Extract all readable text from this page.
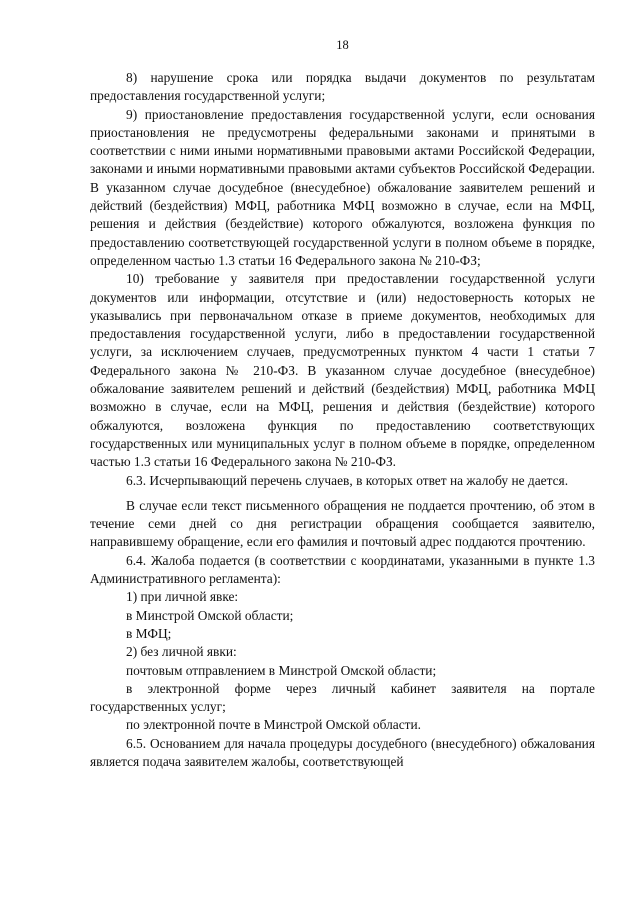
18

8) нарушение срока или порядка выдачи документов по результатам предоставления государственной услуги;

9) приостановление предоставления государственной услуги, если основания приостановления не предусмотрены федеральными законами и принятыми в соответствии с ними иными нормативными правовыми актами Российской Федерации, законами и иными нормативными правовыми актами субъектов Российской Федерации. В указанном случае досудебное (внесудебное) обжалование заявителем решений и действий (бездействия) МФЦ, работника МФЦ возможно в случае, если на МФЦ, решения и действия (бездействие) которого обжалуются, возложена функция по предоставлению соответствующей государственной услуги в полном объеме в порядке, определенном частью 1.3 статьи 16 Федерального закона № 210-ФЗ;

10) требование у заявителя при предоставлении государственной услуги документов или информации, отсутствие и (или) недостоверность которых не указывались при первоначальном отказе в приеме документов, необходимых для предоставления государственной услуги, либо в предоставлении государственной услуги, за исключением случаев, предусмотренных пунктом 4 части 1 статьи 7 Федерального закона № 210-ФЗ. В указанном случае досудебное (внесудебное) обжалование заявителем решений и действий (бездействия) МФЦ, работника МФЦ возможно в случае, если на МФЦ, решения и действия (бездействие) которого обжалуются, возложена функция по предоставлению соответствующих государственных или муниципальных услуг в полном объеме в порядке, определенном частью 1.3 статьи 16 Федерального закона № 210-ФЗ.

6.3. Исчерпывающий перечень случаев, в которых ответ на жалобу не дается.

В случае если текст письменного обращения не поддается прочтению, об этом в течение семи дней со дня регистрации обращения сообщается заявителю, направившему обращение, если его фамилия и почтовый адрес поддаются прочтению.

6.4. Жалоба подается (в соответствии с координатами, указанными в пункте 1.3 Административного регламента):

1) при личной явке:

в Минстрой Омской области;

в МФЦ;

2) без личной явки:

почтовым отправлением в Минстрой Омской области;

в электронной форме через личный кабинет заявителя на портале государственных услуг;

по электронной почте в Минстрой Омской области.

6.5. Основанием для начала процедуры досудебного (внесудебного) обжалования является подача заявителем жалобы, соответствующей
